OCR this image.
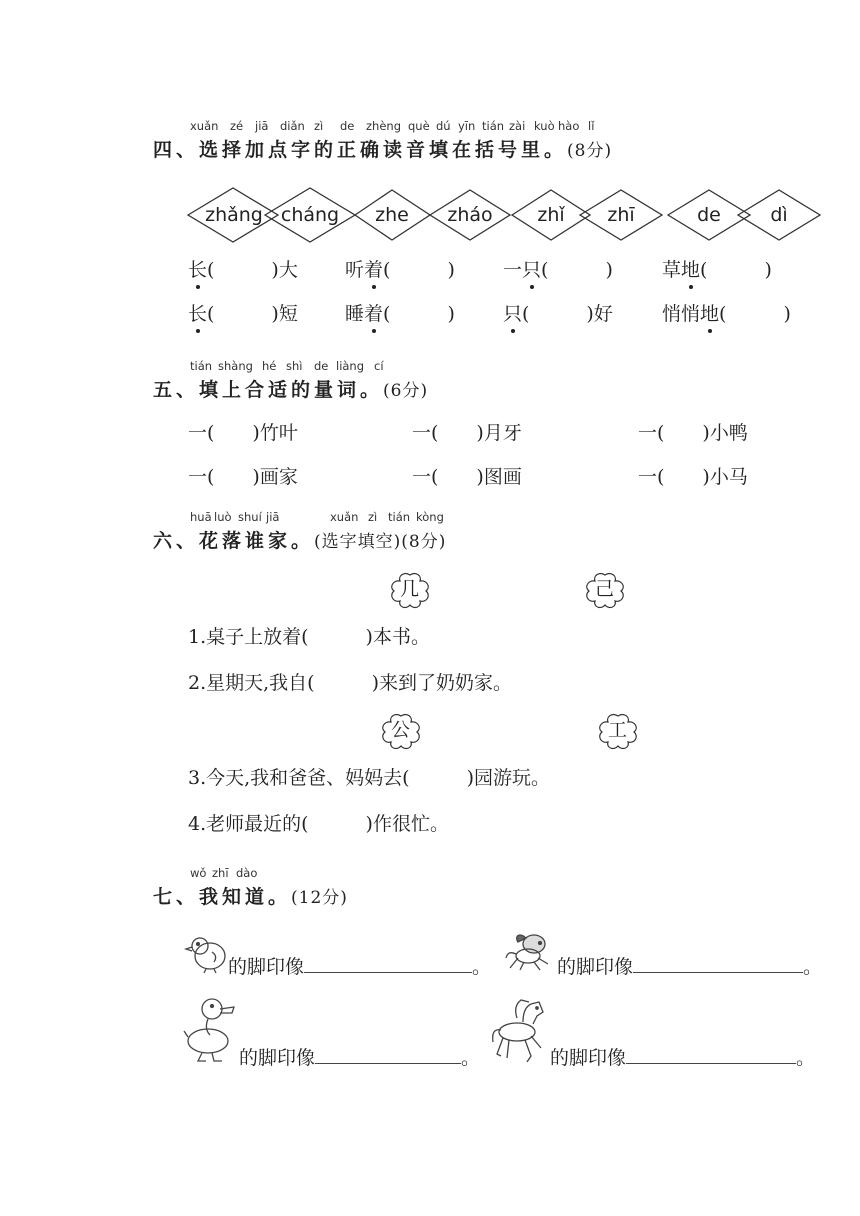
xuǎn zé jiā diǎn zì de zhèng què dú yīn tián zài kuò hào lǐ
四、选择加点字的正确读音填在括号里。(8分)
zhǎng cháng	zhe	zháo	zhǐ	zhī	de	dì
长(　　　)大 听着(　　　)	一只(　　　)	草地(　　　)
长(　　　)短 睡着(　　　)	只(　　　)好	悄悄地(　　　)
tián shàng hé shì de liàng cí
五、填上合适的量词。(6分)
一(　　)竹叶	一(　　)月牙	一(　　)小鸭
一(　　)画家	一(　　)图画	一(　　)小马
huā luò shuí jiā	xuǎn zì tián kòng
六、花落谁家。(选字填空)(8分)
几	己
1.桌子上放着(　　　)本书。
2.星期天,我自(　　　)来到了奶奶家。
公	工
3.今天,我和爸爸、妈妈去(　　　)园游玩。
4.老师最近的(　　　)作很忙。
wǒ zhī dào
七、我知道。(12分)
的脚印像	。	的脚印像	。
的脚印像	。	的脚印像	。
